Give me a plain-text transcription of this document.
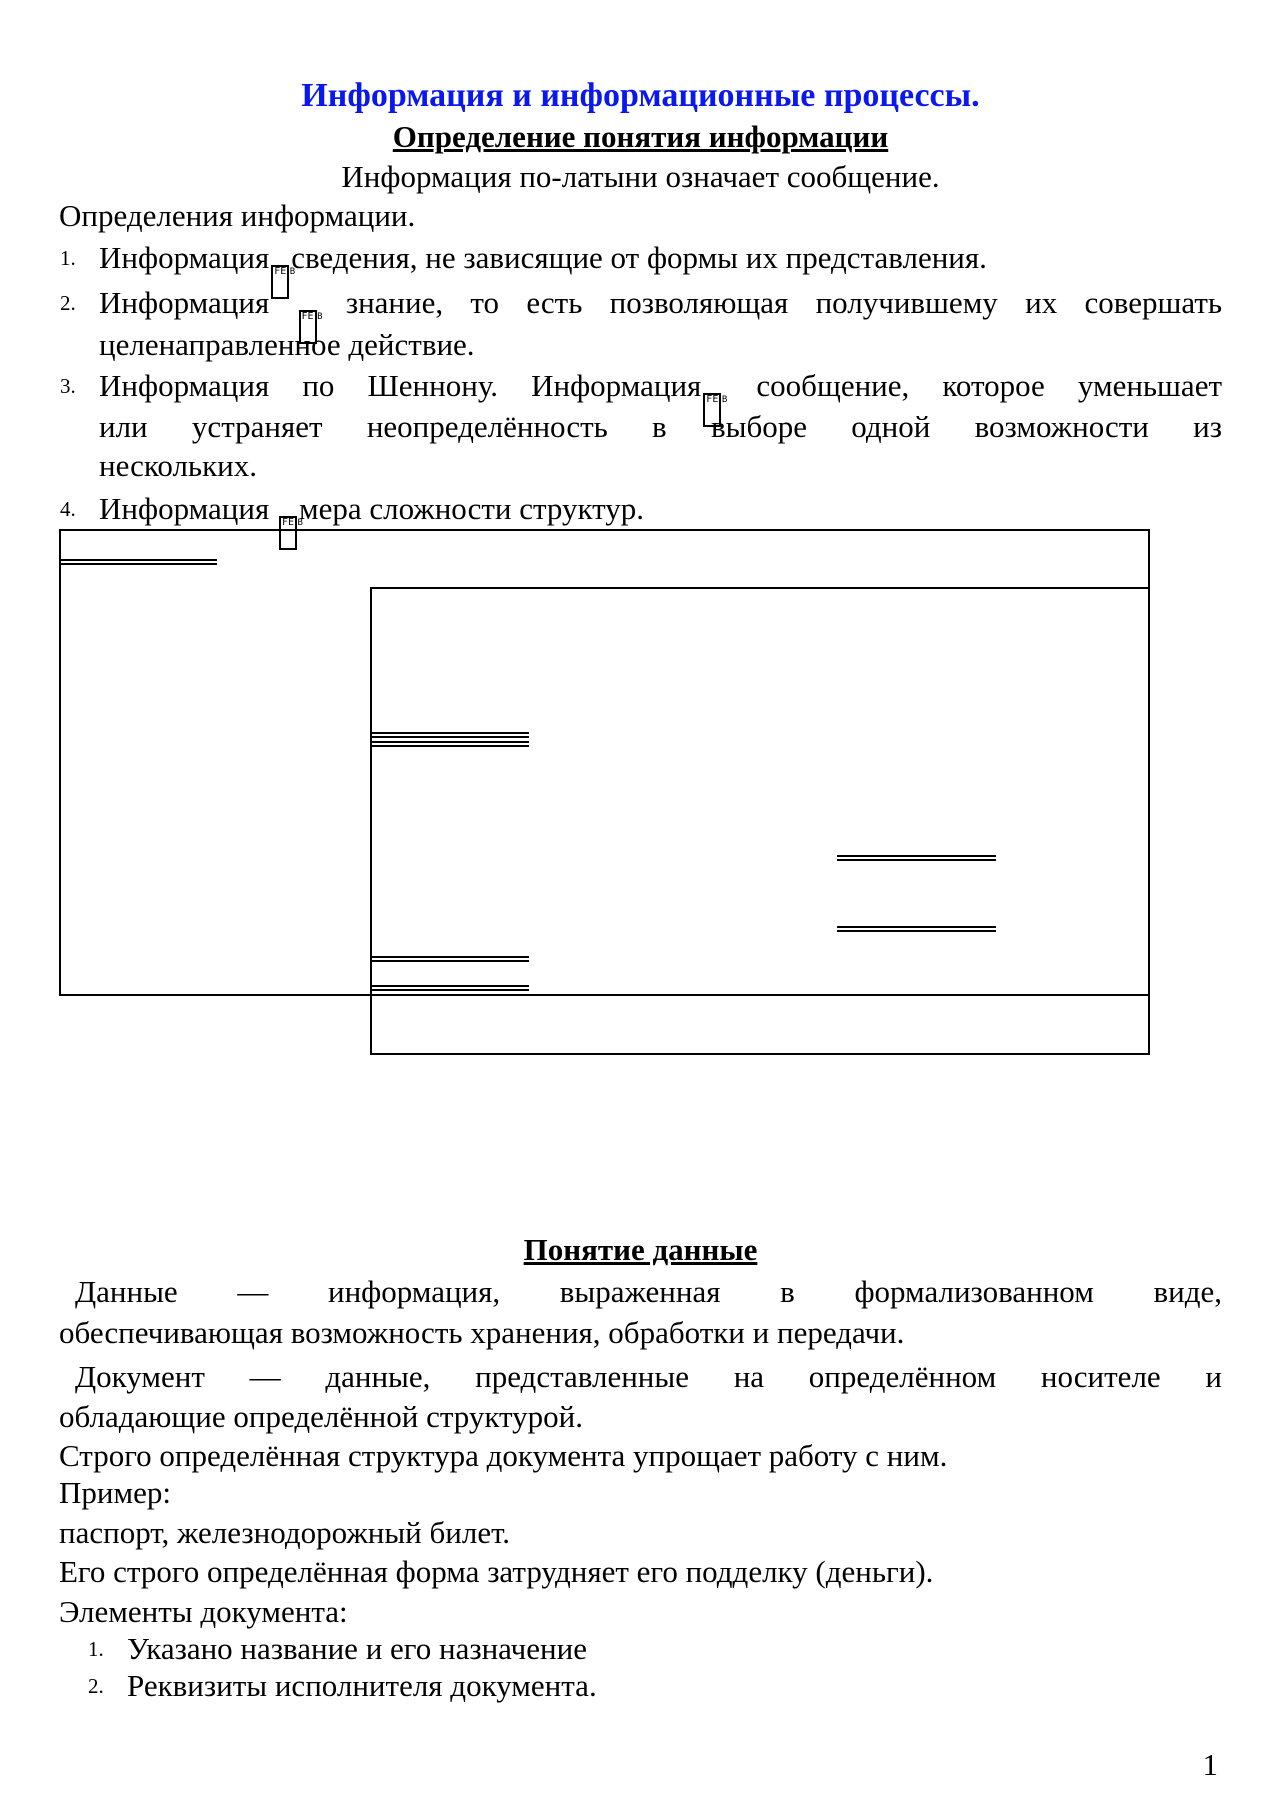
Информация и информационные процессы.
Определение понятия информации
Информация по-латыни означает сообщение.
Определения информации.
1. Информация FE B сведения, не зависящие от формы их представления.
2. Информация	FE B знание, то есть позволяющая получившему их совершать
целенаправленное действие.
3. Информация по Шеннону. Информация FE B сообщение, которое уменьшает
или устраняет неопределённость в выборе одной возможности из
нескольких.
4. Информация FE B мера сложности структур.
Понятие данные
Данные — информация, выраженная в формализованном виде,
обеспечивающая возможность хранения, обработки и передачи.
Документ — данные, представленные на определённом носителе и
обладающие определённой структурой.
Строго определённая структура документа упрощает работу с ним.
Пример:
паспорт, железнодорожный билет.
Его строго определённая форма затрудняет его подделку (деньги).
Элементы документа:
1. Указано название и его назначение
2. Реквизиты исполнителя документа.
1
